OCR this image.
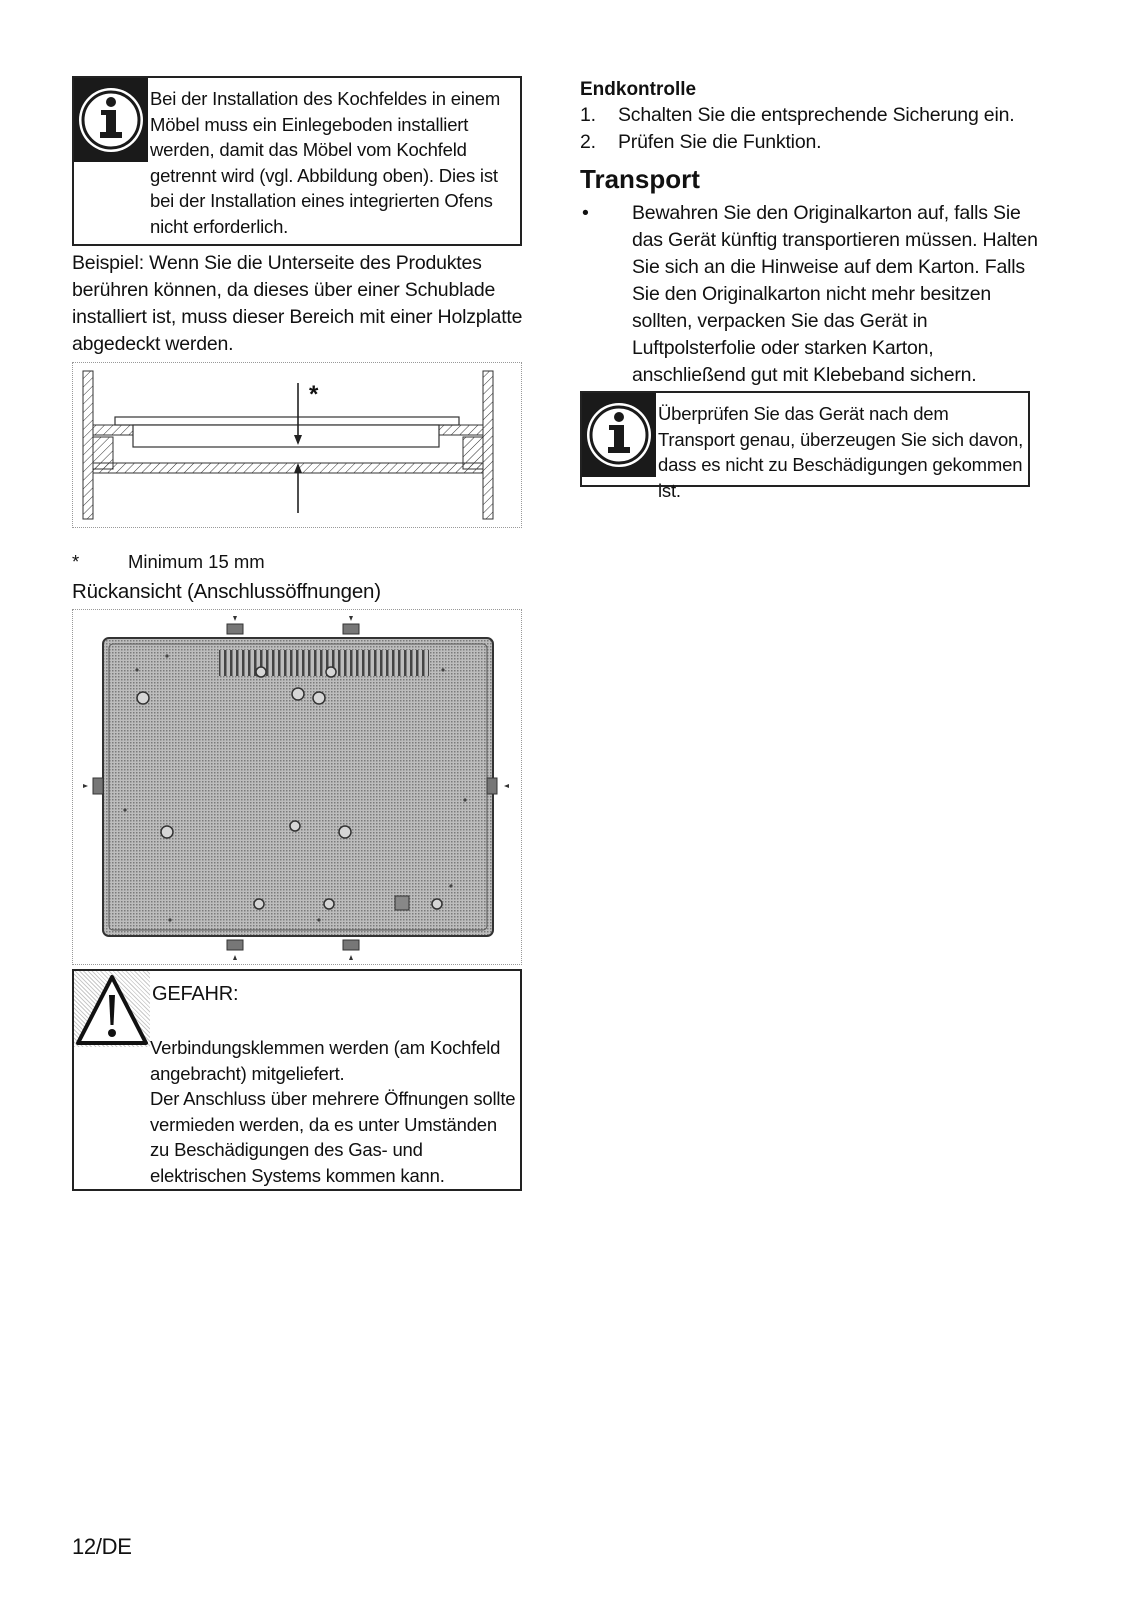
Bei der Installation des Kochfeldes in einem Möbel muss ein Einlegeboden installiert werden, damit das Möbel vom Kochfeld getrennt wird (vgl. Abbildung oben). Dies ist bei der Installation eines integrierten Ofens nicht erforderlich.

Beispiel: Wenn Sie die Unterseite des Produktes berühren können, da dieses über einer Schublade installiert ist, muss dieser Bereich mit einer Holzplatte abgedeckt werden.

*
*	Minimum 15 mm

Rückansicht (Anschlussöffnungen)

GEFAHR:
Verbindungsklemmen werden (am Kochfeld angebracht) mitgeliefert.
Der Anschluss über mehrere Öffnungen sollte vermieden werden, da es unter Umständen zu Beschädigungen des Gas- und elektrischen Systems kommen kann.

Endkontrolle

1.	Schalten Sie die entsprechende Sicherung ein.
2.	Prüfen Sie die Funktion.

Transport

•	Bewahren Sie den Originalkarton auf, falls Sie das Gerät künftig transportieren müssen. Halten Sie sich an die Hinweise auf dem Karton. Falls Sie den Originalkarton nicht mehr besitzen sollten, verpacken Sie das Gerät in Luftpolsterfolie oder starken Karton, anschließend gut mit Klebeband sichern.
Überprüfen Sie das Gerät nach dem Transport genau, überzeugen Sie sich davon, dass es nicht zu Beschädigungen gekommen ist.
12/DE
